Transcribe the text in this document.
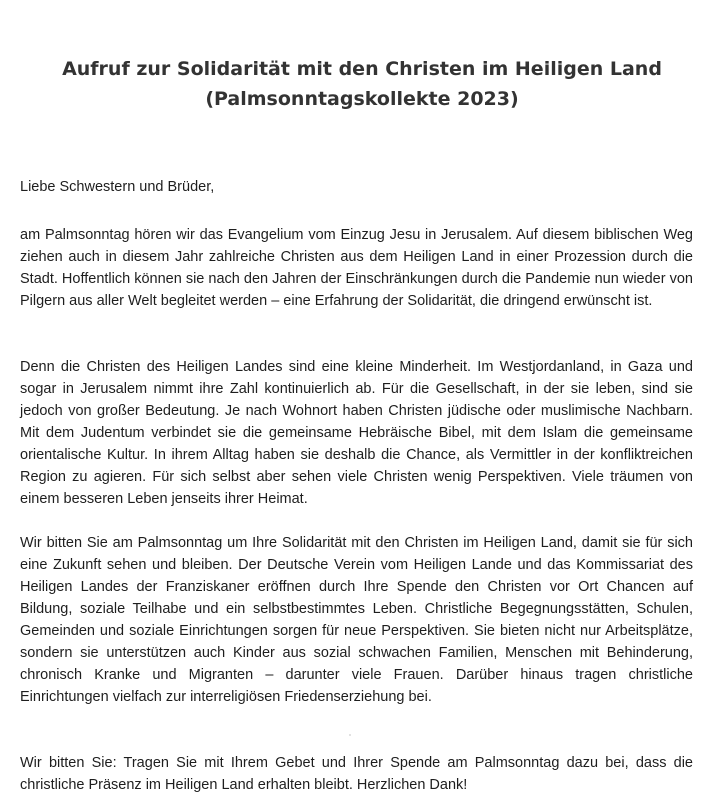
Aufruf zur Solidarität mit den Christen im Heiligen Land
(Palmsonntagskollekte 2023)

Liebe Schwestern und Brüder,

am Palmsonntag hören wir das Evangelium vom Einzug Jesu in Jerusalem. Auf diesem biblischen Weg ziehen auch in diesem Jahr zahlreiche Christen aus dem Heiligen Land in einer Prozession durch die Stadt. Hoffentlich können sie nach den Jahren der Einschränkungen durch die Pandemie nun wieder von Pilgern aus aller Welt begleitet werden – eine Erfahrung der Solidarität, die dringend erwünscht ist.

Denn die Christen des Heiligen Landes sind eine kleine Minderheit. Im Westjordanland, in Gaza und sogar in Jerusalem nimmt ihre Zahl kontinuierlich ab. Für die Gesellschaft, in der sie leben, sind sie jedoch von großer Bedeutung. Je nach Wohnort haben Christen jüdische oder muslimische Nachbarn. Mit dem Judentum verbindet sie die gemeinsame Hebräische Bibel, mit dem Islam die gemeinsame orientalische Kultur. In ihrem Alltag haben sie deshalb die Chance, als Vermittler in der konfliktreichen Region zu agieren. Für sich selbst aber sehen viele Christen wenig Perspektiven. Viele träumen von einem besseren Leben jenseits ihrer Heimat.

Wir bitten Sie am Palmsonntag um Ihre Solidarität mit den Christen im Heiligen Land, damit sie für sich eine Zukunft sehen und bleiben. Der Deutsche Verein vom Heiligen Lande und das Kommissariat des Heiligen Landes der Franziskaner eröffnen durch Ihre Spende den Christen vor Ort Chancen auf Bildung, soziale Teilhabe und ein selbstbestimmtes Leben. Christliche Begegnungsstätten, Schulen, Gemeinden und soziale Einrichtungen sorgen für neue Perspektiven. Sie bieten nicht nur Arbeitsplätze, sondern sie unterstützen auch Kinder aus sozial schwachen Familien, Menschen mit Behinderung, chronisch Kranke und Migranten – darunter viele Frauen. Darüber hinaus tragen christliche Einrichtungen vielfach zur interreligiösen Friedenserziehung bei.

Wir bitten Sie: Tragen Sie mit Ihrem Gebet und Ihrer Spende am Palmsonntag dazu bei, dass die christliche Präsenz im Heiligen Land erhalten bleibt. Herzlichen Dank!
